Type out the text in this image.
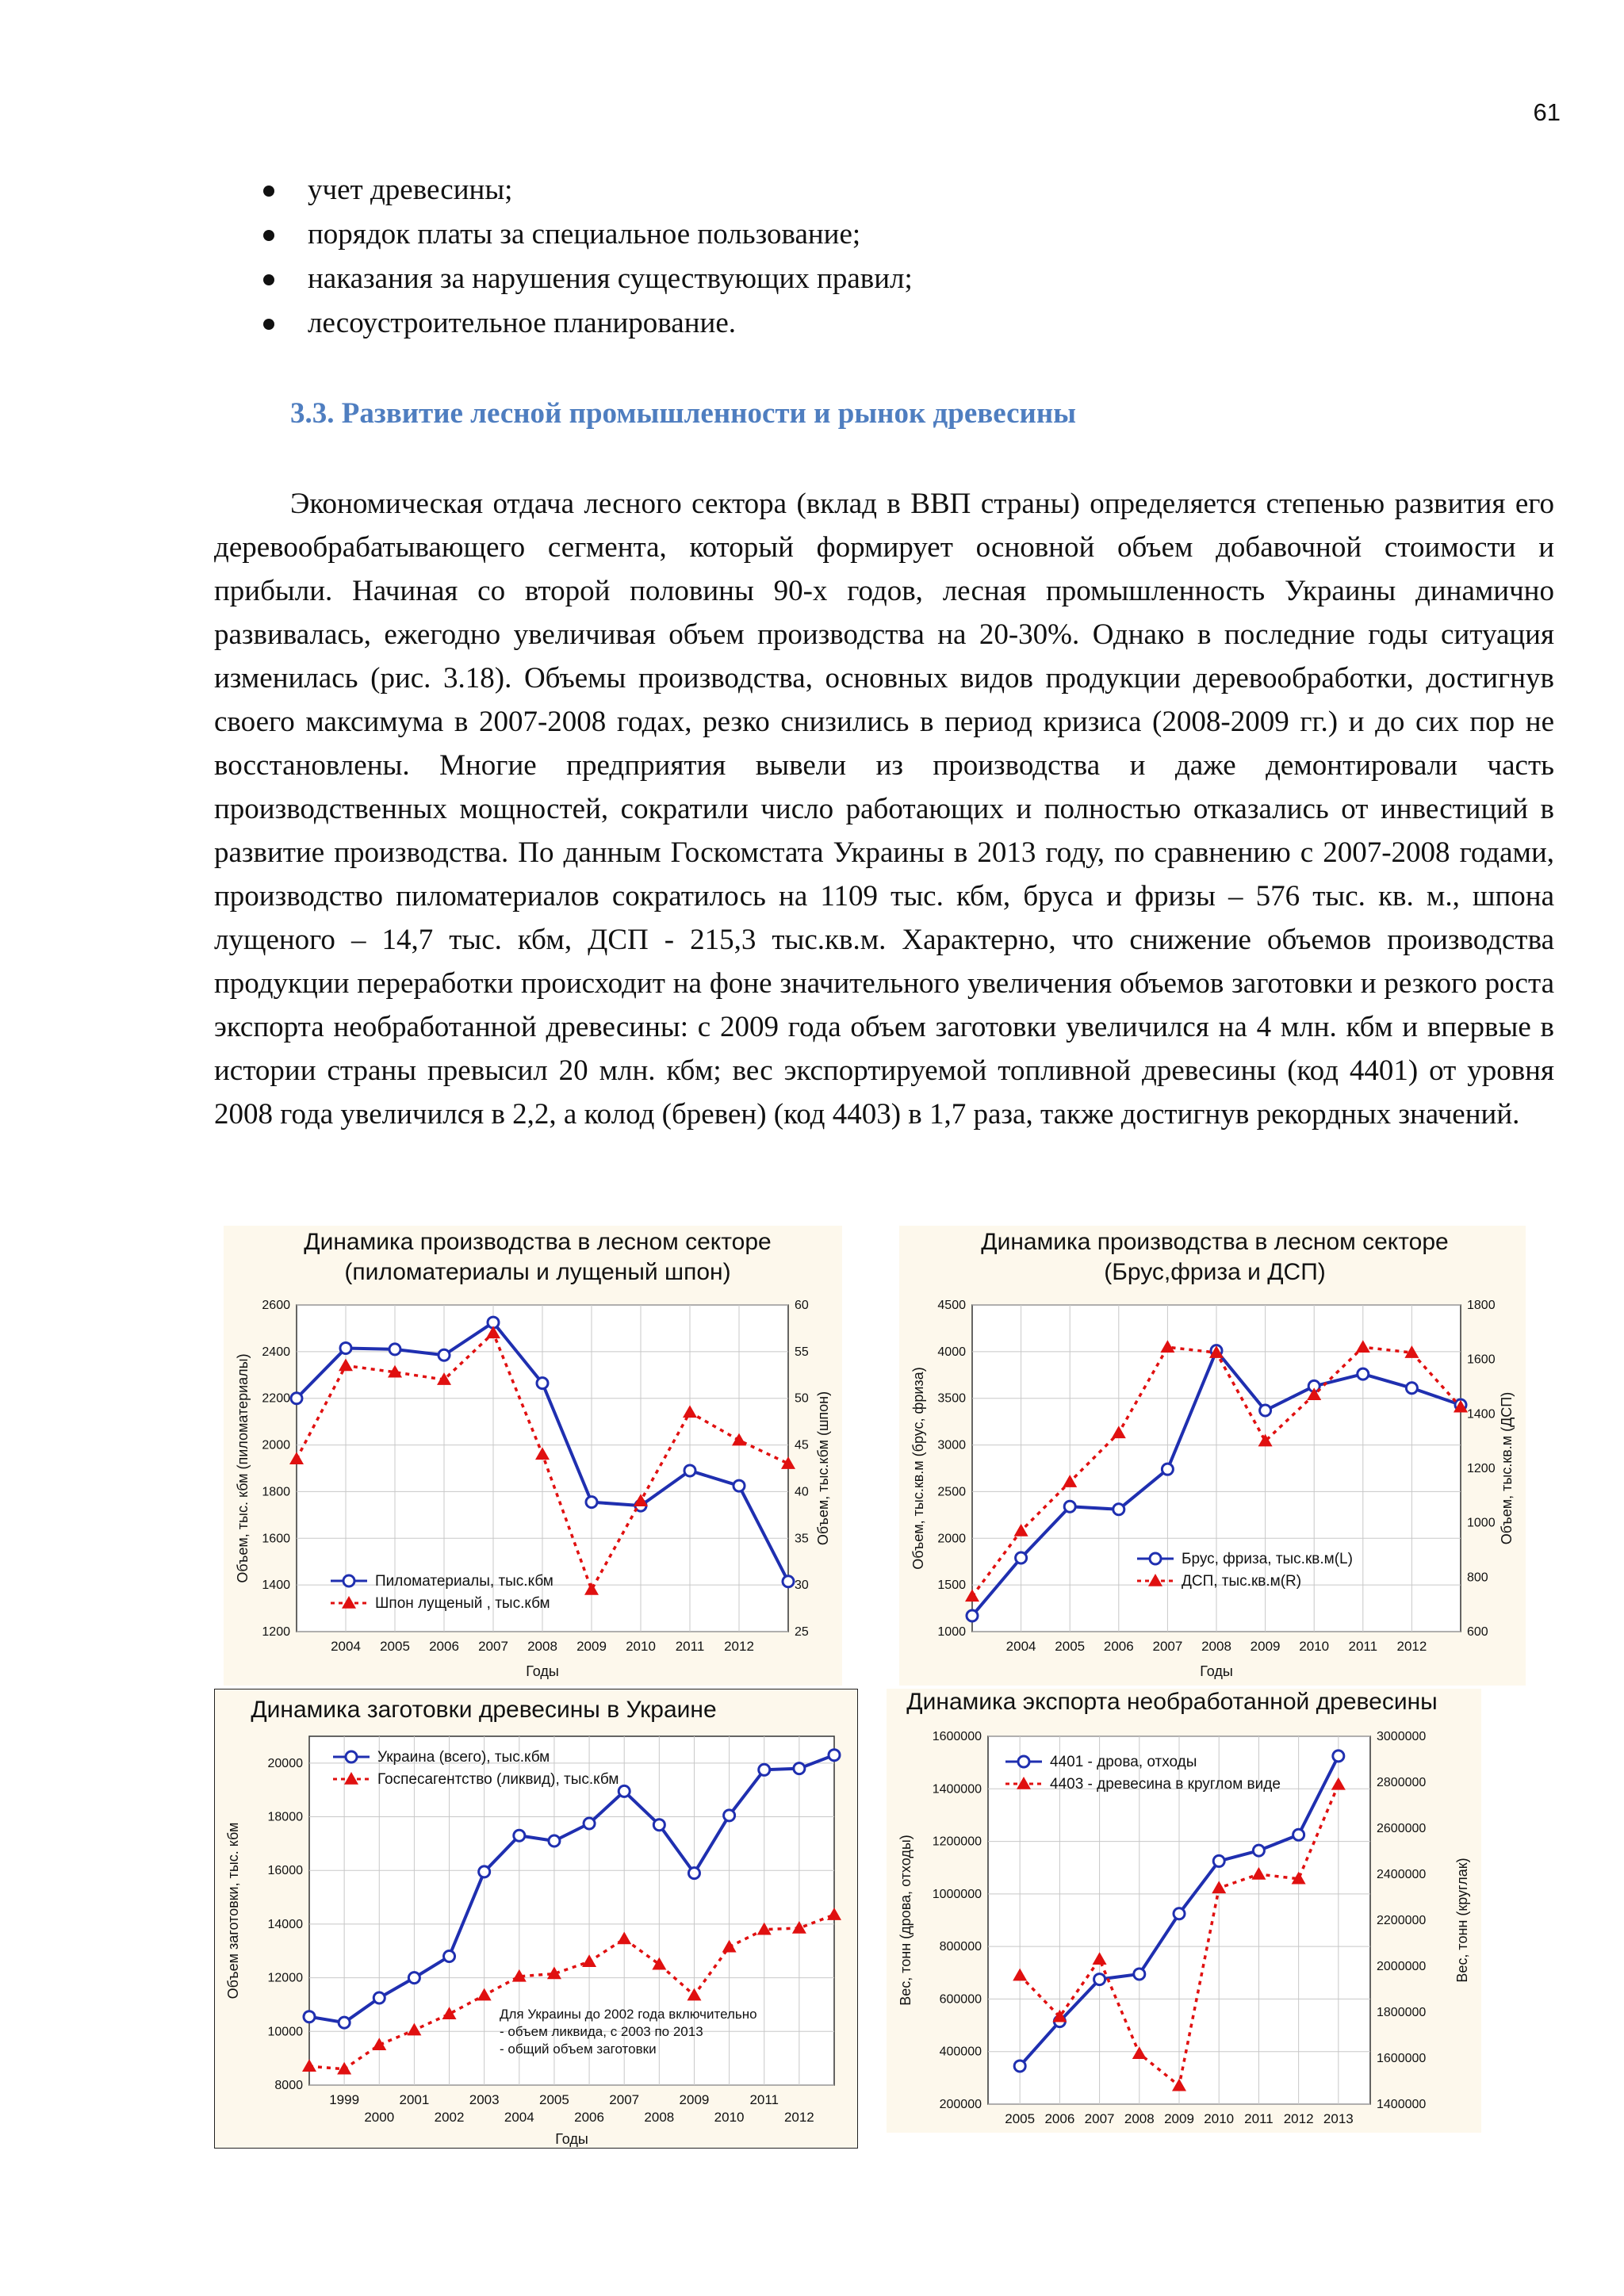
61
учет древесины;
порядок платы за специальное пользование;
наказания за нарушения существующих правил;
лесоустроительное планирование.
3.3. Развитие лесной промышленности и рынок древесины

Экономическая отдача лесного сектора (вклад в ВВП страны) определяется степенью развития его деревообрабатывающего сегмента, который формирует основной объем добавочной стоимости и прибыли. Начиная со второй половины 90-х годов, лесная промышленность Украины динамично развивалась, ежегодно увеличивая объем производства на 20-30%. Однако в последние годы ситуация изменилась (рис. 3.18). Объемы производства, основных видов продукции деревообработки, достигнув своего максимума в 2007-2008 годах, резко снизились в период кризиса (2008-2009 гг.) и до сих пор не восстановлены. Многие предприятия вывели из производства и даже демонтировали часть производственных мощностей, сократили число работающих и полностью отказались от инвестиций в развитие производства. По данным Госкомстата Украины в 2013 году, по сравнению с 2007-2008 годами, производство пиломатериалов сократилось на 1109 тыс. кбм, бруса и фризы – 576 тыс. кв. м., шпона лущеного – 14,7 тыс. кбм, ДСП - 215,3 тыс.кв.м. Характерно, что снижение объемов производства продукции переработки происходит на фоне значительного увеличения объемов заготовки и резкого роста экспорта необработанной древесины: с 2009 года объем заготовки увеличился на 4 млн. кбм и впервые в истории страны превысил 20 млн. кбм; вес экспортируемой топливной древесины (код 4401) от уровня 2008 года увеличился в 2,2, а колод (бревен) (код 4403) в 1,7 раза, также достигнув рекордных значений.

Динамика производства в лесном секторе
(пиломатериалы и лущеный шпон)
1200
1400
1600
1800
2000
2200
2400
2600
25
30
35
40
45
50
55
60
2004 2005 2006 2007 2008 2009 2010 2011 2012
Годы
Объем, тыс. кбм (пиломатериалы)	Объем, тыс.кбм (шпон)
Пиломатериалы, тыс.кбм
Шпон лущеный , тыс.кбм
Динамика производства в лесном секторе
(Брус,фриза и ДСП)
1000
1500
2000
2500
3000
3500
4000
4500
600
800
1000
1200
1400
1600
1800
2004 2005 2006 2007 2008 2009 2010 2011 2012
Годы
Объем, тыс.кв.м (брус, фриза)	Объем, тыс.кв.м (ДСП)
Брус, фриза, тыс.кв.м(L)
ДСП, тыс.кв.м(R)
Динамика заготовки древесины в Украине
8000
10000
12000
14000
16000
18000
20000
1999	2001	2003	2005	2007	2009	2011
2000	2002	2004	2006	2008	2010	2012
Годы
Объем заготовки, тыс. кбм
Украина (всего), тыс.кбм
Госпесагентство (ликвид), тыс.кбм
Для Украины до 2002 года включительно
- объем ликвида, с 2003 по 2013
- общий объем заготовки
Динамика экспорта необработанной древесины
200000
400000
600000
800000
1000000
1200000
1400000
1600000
1400000
1600000
1800000
2000000
2200000
2400000
2600000
2800000
3000000
2005 2006 2007 2008 2009 2010 2011 2012 2013
Вес, тонн (дрова, отходы)	Вес, тонн (круглак)
4401 - дрова, отходы
4403 - древесина в круглом виде
